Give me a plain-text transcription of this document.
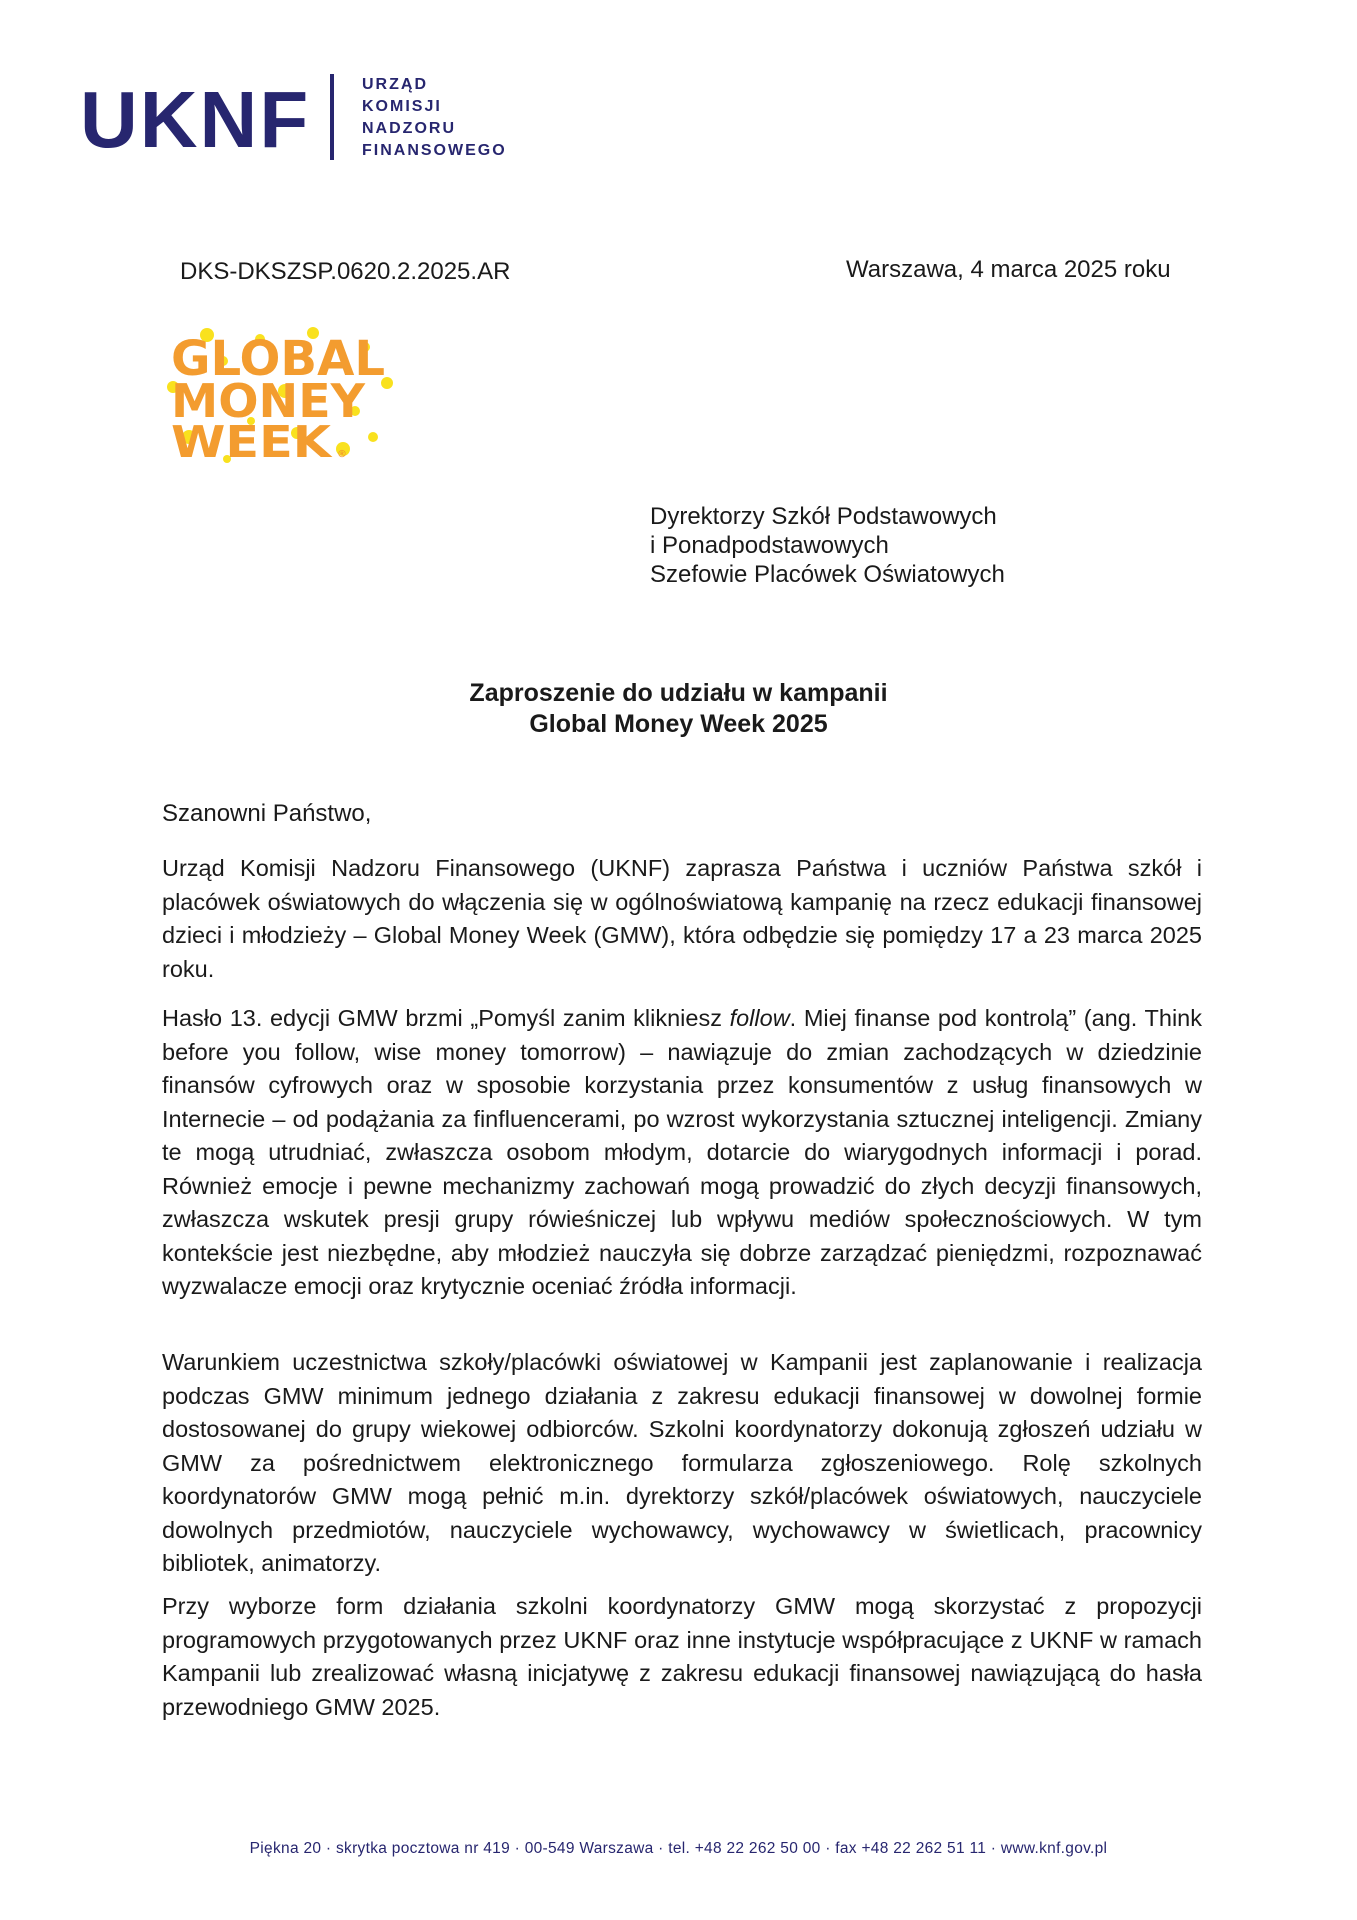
UKNF	URZĄD
KOMISJI
NADZORU
FINANSOWEGO
DKS-DKSZSP.0620.2.2025.AR	Warszawa, 4 marca 2025 roku
GLOBAL
MONEY
WEEK ®
Dyrektorzy Szkół Podstawowych
i Ponadpodstawowych
Szefowie Placówek Oświatowych
Zaproszenie do udziału w kampanii
Global Money Week 2025
Szanowni Państwo,
Urząd Komisji Nadzoru Finansowego (UKNF) zaprasza Państwa i uczniów Państwa szkół i placówek oświatowych do włączenia się w ogólnoświatową kampanię na rzecz edukacji finansowej dzieci i młodzieży – Global Money Week (GMW), która odbędzie się pomiędzy 17 a 23 marca 2025 roku.
Hasło 13. edycji GMW brzmi „Pomyśl zanim klikniesz follow. Miej finanse pod kontrolą” (ang. Think before you follow, wise money tomorrow) – nawiązuje do zmian zachodzących w dziedzinie finansów cyfrowych oraz w sposobie korzystania przez konsumentów z usług finansowych w Internecie – od podążania za finfluencerami, po wzrost wykorzystania sztucznej inteligencji. Zmiany te mogą utrudniać, zwłaszcza osobom młodym, dotarcie do wiarygodnych informacji i porad. Również emocje i pewne mechanizmy zachowań mogą prowadzić do złych decyzji finansowych, zwłaszcza wskutek presji grupy rówieśniczej lub wpływu mediów społecznościowych. W tym kontekście jest niezbędne, aby młodzież nauczyła się dobrze zarządzać pieniędzmi, rozpoznawać wyzwalacze emocji oraz krytycznie oceniać źródła informacji.
Warunkiem uczestnictwa szkoły/placówki oświatowej w Kampanii jest zaplanowanie i realizacja podczas GMW minimum jednego działania z zakresu edukacji finansowej w dowolnej formie dostosowanej do grupy wiekowej odbiorców. Szkolni koordynatorzy dokonują zgłoszeń udziału w GMW za pośrednictwem elektronicznego formularza zgłoszeniowego. Rolę szkolnych koordynatorów GMW mogą pełnić m.in. dyrektorzy szkół/placówek oświatowych, nauczyciele dowolnych przedmiotów, nauczyciele wychowawcy, wychowawcy w świetlicach, pracownicy bibliotek, animatorzy.
Przy wyborze form działania szkolni koordynatorzy GMW mogą skorzystać z propozycji programowych przygotowanych przez UKNF oraz inne instytucje współpracujące z UKNF w ramach Kampanii lub zrealizować własną inicjatywę z zakresu edukacji finansowej nawiązującą do hasła przewodniego GMW 2025.
Piękna 20 · skrytka pocztowa nr 419 · 00-549 Warszawa · tel. +48 22 262 50 00 · fax +48 22 262 51 11 · www.knf.gov.pl
